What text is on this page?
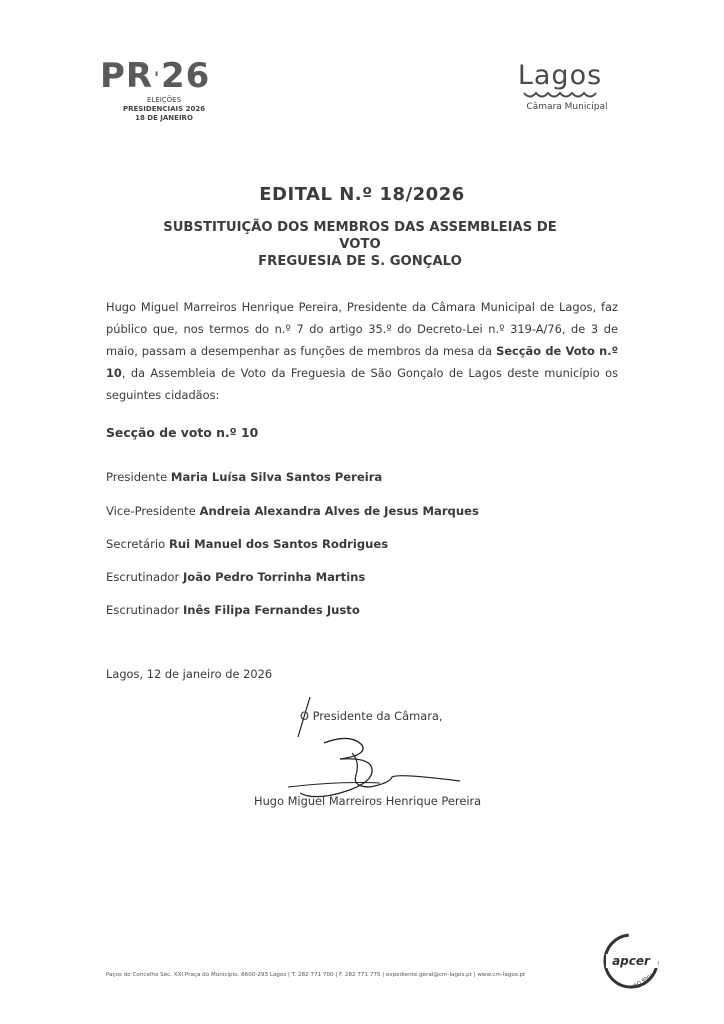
PR'26
ELEIÇÕES
PRESIDENCIAIS 2026
18 DE JANEIRO
Lagos
Câmara Municipal
EDITAL N.º 18/2026
SUBSTITUIÇÃO DOS MEMBROS DAS ASSEMBLEIAS DE
VOTO
FREGUESIA DE S. GONÇALO
Hugo Miguel Marreiros Henrique Pereira, Presidente da Câmara Municipal de Lagos, faz público que, nos termos do n.º 7 do artigo 35.º do Decreto-Lei n.º 319-A/76, de 3 de maio, passam a desempenhar as funções de membros da mesa da Secção de Voto n.º 10, da Assembleia de Voto da Freguesia de São Gonçalo de Lagos deste município os seguintes cidadãos:
Secção de voto n.º 10
Presidente Maria Luísa Silva Santos Pereira
Vice-Presidente Andreia Alexandra Alves de Jesus Marques
Secretário Rui Manuel dos Santos Rodrigues
Escrutinador João Pedro Torrinha Martins
Escrutinador Inês Filipa Fernandes Justo
Lagos, 12 de janeiro de 2026
O Presidente da Câmara,
Hugo Miguel Marreiros Henrique Pereira
Paços do Concelho Séc. XXI Praça do Município, 8600-293 Lagos | T. 282 771 700 | F. 282 771 775 | expediente.geral@cm-lagos.pt | www.cm-lagos.pt
apcer
ISO 9001
